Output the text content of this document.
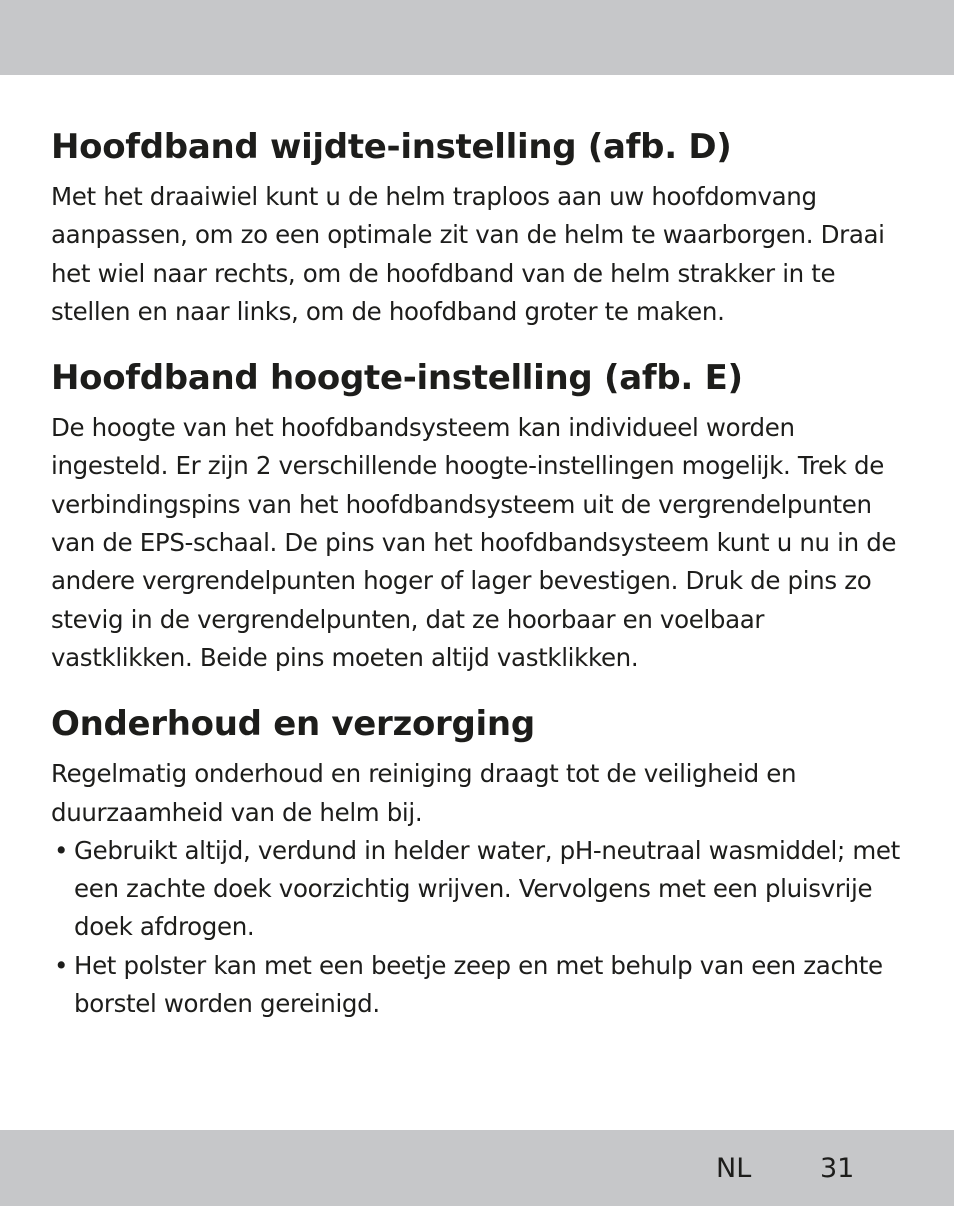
Hoofdband wijdte-instelling (afb. D)

Met het draaiwiel kunt u de helm traploos aan uw hoofdomvang aanpassen, om zo een optimale zit van de helm te waarborgen. Draai het wiel naar rechts, om de hoofdband van de helm strakker in te stellen en naar links, om de hoofdband groter te maken.

Hoofdband hoogte-instelling (afb. E)

De hoogte van het hoofdbandsysteem kan individueel worden ingesteld. Er zijn 2 verschillende hoogte-instellingen mogelijk. Trek de verbindingspins van het hoofdbandsysteem uit de vergrendelpunten van de EPS-schaal. De pins van het hoofdbandsysteem kunt u nu in de andere vergrendelpunten hoger of lager bevestigen. Druk de pins zo stevig in de vergrendelpunten, dat ze hoorbaar en voelbaar vastklikken. Beide pins moeten altijd vastklikken.

Onderhoud en verzorging

Regelmatig onderhoud en reiniging draagt tot de veiligheid en duurzaamheid van de helm bij.

• Gebruikt altijd, verdund in helder water, pH-neutraal wasmiddel; met een zachte doek voorzichtig wrijven. Vervolgens met een pluisvrije doek afdrogen.
• Het polster kan met een beetje zeep en met behulp van een zachte borstel worden gereinigd.
NL	31
